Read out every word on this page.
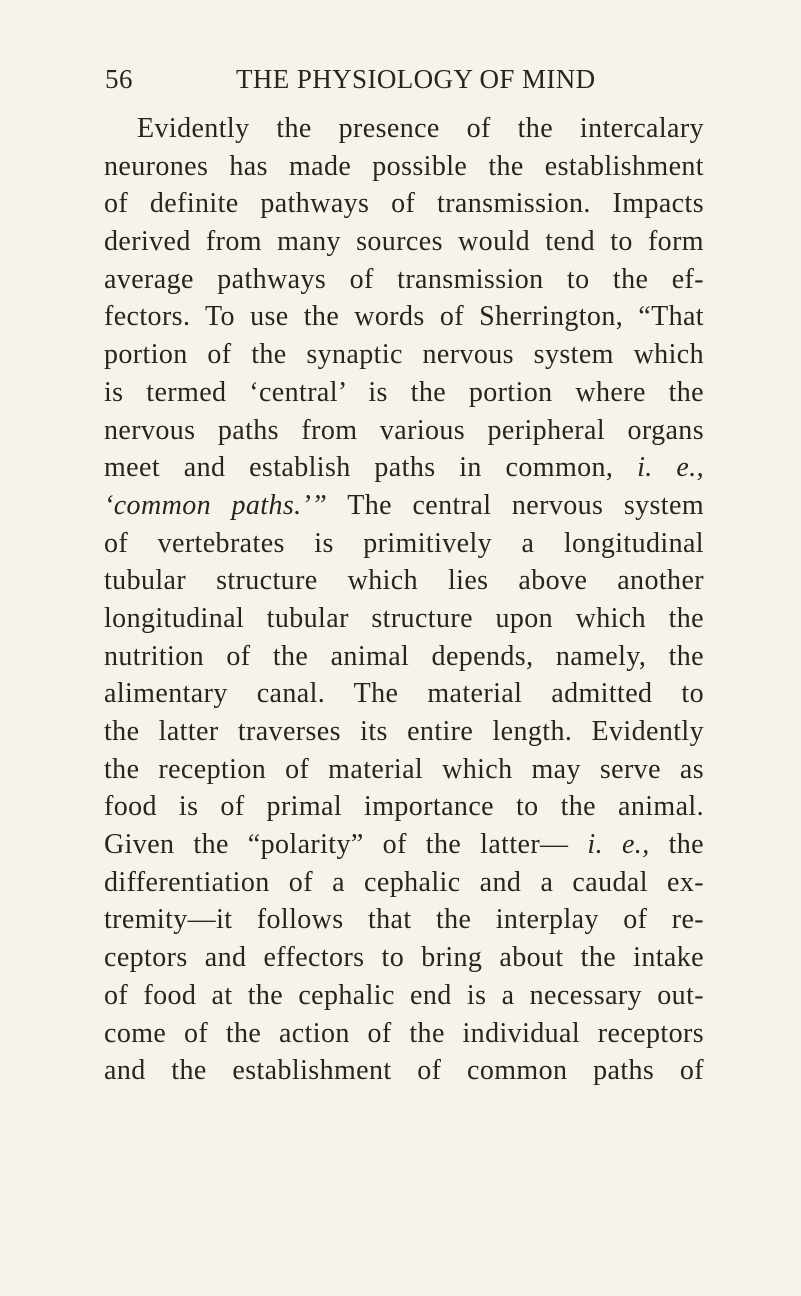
56	THE PHYSIOLOGY OF MIND
Evidently the presence of the intercalary
neurones has made possible the establishment
of definite pathways of transmission. Impacts
derived from many sources would tend to form
average pathways of transmission to the ef-
fectors. To use the words of Sherrington, “That
portion of the synaptic nervous system which
is termed ‘central’ is the portion where the
nervous paths from various peripheral organs
meet and establish paths in common, i. e.,
‘common paths.’” The central nervous system
of vertebrates is primitively a longitudinal
tubular structure which lies above another
longitudinal tubular structure upon which the
nutrition of the animal depends, namely, the
alimentary canal. The material admitted to
the latter traverses its entire length. Evidently
the reception of material which may serve as
food is of primal importance to the animal.
Given the “polarity” of the latter— i. e., the
differentiation of a cephalic and a caudal ex-
tremity—it follows that the interplay of re-
ceptors and effectors to bring about the intake
of food at the cephalic end is a necessary out-
come of the action of the individual receptors
and the establishment of common paths of
